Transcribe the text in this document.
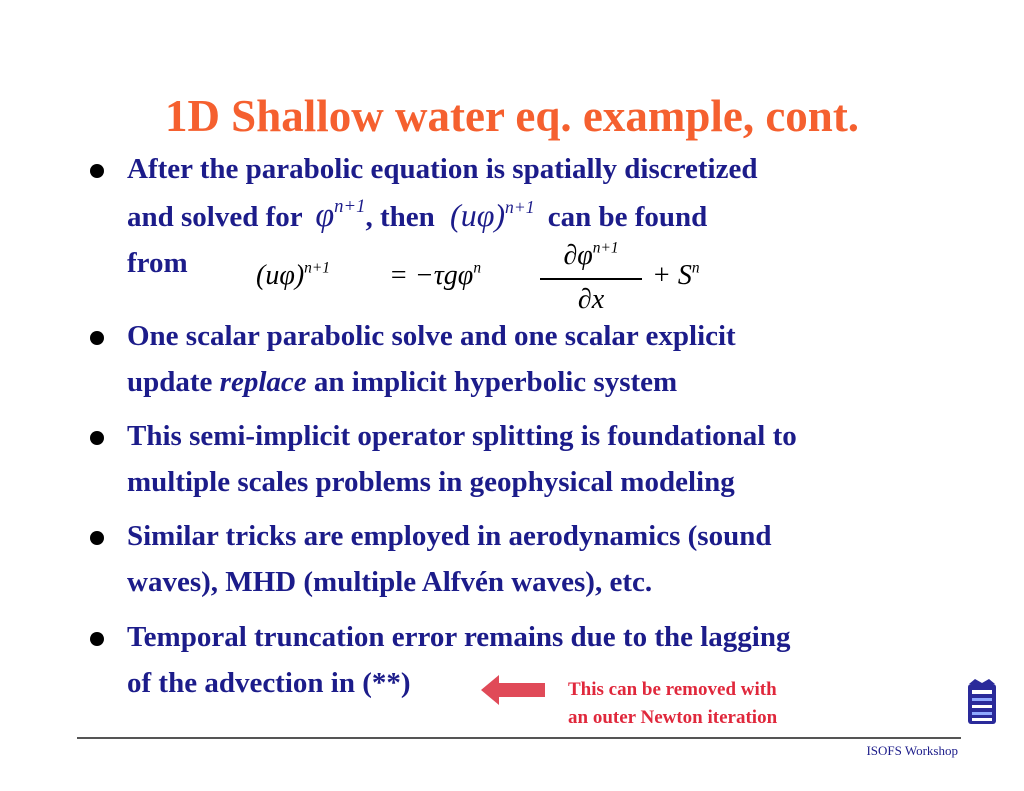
1D Shallow water eq. example, cont.
After the parabolic equation is spatially discretized
and solved for $\varphi^{n+1}$, then $(u\varphi)^{n+1}$ can be found
from	$(u\varphi)^{n+1} = -\tau g\varphi^n$	$\partial\varphi^{n+1}$
∂x
+ $S^n$
One scalar parabolic solve and one scalar explicit
update replace an implicit hyperbolic system
This semi-implicit operator splitting is foundational to
multiple scales problems in geophysical modeling
Similar tricks are employed in aerodynamics (sound
waves), MHD (multiple Alfvén waves), etc.
Temporal truncation error remains due to the lagging
of the advection in (**)	This can be removed with
an outer Newton iteration
ISOFS Workshop
